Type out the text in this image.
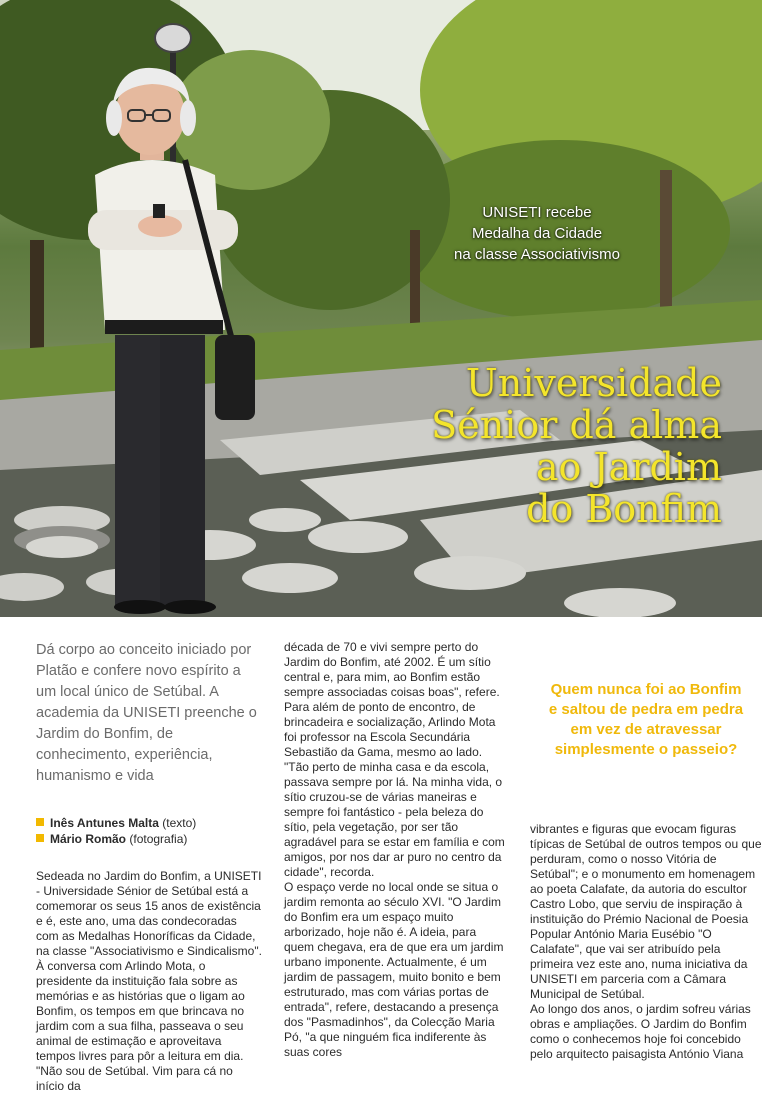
UNISETI recebe
Medalha da Cidade
na classe Associativismo
Universidade
Sénior dá alma
ao Jardim
do Bonfim

Dá corpo ao conceito iniciado por Platão e confere novo espírito a um local único de Setúbal. A academia da UNISETI preenche o Jardim do Bonfim, de conhecimento, experiência, humanismo e vida

Inês Antunes Malta (texto)
Mário Romão (fotografia)

Sedeada no Jardim do Bonfim, a UNISETI - Universidade Sénior de Setúbal está a comemorar os seus 15 anos de existência e é, este ano, uma das condecoradas com as Medalhas Honoríficas da Cidade, na classe "Associativismo e Sindicalismo". À conversa com Arlindo Mota, o presidente da instituição fala sobre as memórias e as histórias que o ligam ao Bonfim, os tempos em que brincava no jardim com a sua filha, passeava o seu animal de estimação e aproveitava tempos livres para pôr a leitura em dia. "Não sou de Setúbal. Vim para cá no início da

década de 70 e vivi sempre perto do Jardim do Bonfim, até 2002. É um sítio central e, para mim, ao Bonfim estão sempre associadas coisas boas", refere. Para além de ponto de encontro, de brincadeira e socialização, Arlindo Mota foi professor na Escola Secundária Sebastião da Gama, mesmo ao lado. "Tão perto de minha casa e da escola, passava sempre por lá. Na minha vida, o sítio cruzou-se de várias maneiras e sempre foi fantástico - pela beleza do sítio, pela vegetação, por ser tão agradável para se estar em família e com amigos, por nos dar ar puro no centro da cidade", recorda.

O espaço verde no local onde se situa o jardim remonta ao século XVI. "O Jardim do Bonfim era um espaço muito arborizado, hoje não é. A ideia, para quem chegava, era de que era um jardim urbano imponente. Actualmente, é um jardim de passagem, muito bonito e bem estruturado, mas com várias portas de entrada", refere, destacando a presença dos "Pasmadinhos", da Colecção Maria Pó, "a que ninguém fica indiferente às suas cores

Quem nunca foi ao Bonfim
e saltou de pedra em pedra
em vez de atravessar
simplesmente o passeio?

vibrantes e figuras que evocam figuras típicas de Setúbal de outros tempos ou que perduram, como o nosso Vitória de Setúbal"; e o monumento em homenagem ao poeta Calafate, da autoria do escultor Castro Lobo, que serviu de inspiração à instituição do Prémio Nacional de Poesia Popular António Maria Eusébio "O Calafate", que vai ser atribuído pela primeira vez este ano, numa iniciativa da UNISETI em parceria com a Câmara Municipal de Setúbal.

Ao longo dos anos, o jardim sofreu várias obras e ampliações. O Jardim do Bonfim como o conhecemos hoje foi concebido pelo arquitecto paisagista António Viana
